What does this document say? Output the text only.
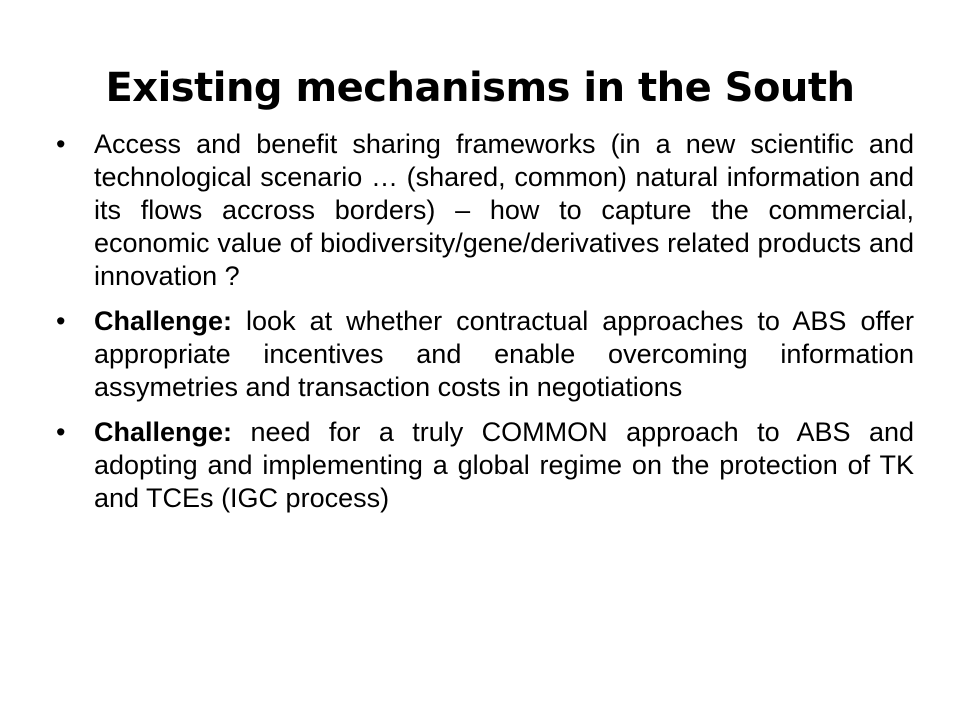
Existing mechanisms in the South
• Access and benefit sharing frameworks (in a new scientific and technological scenario … (shared, common) natural information and its flows accross borders) – how to capture the commercial, economic value of biodiversity/gene/derivatives related products and innovation ?
• Challenge: look at whether contractual approaches to ABS offer appropriate incentives and enable overcoming information assymetries and transaction costs in negotiations
• Challenge: need for a truly COMMON approach to ABS and adopting and implementing a global regime on the protection of TK and TCEs (IGC process)
